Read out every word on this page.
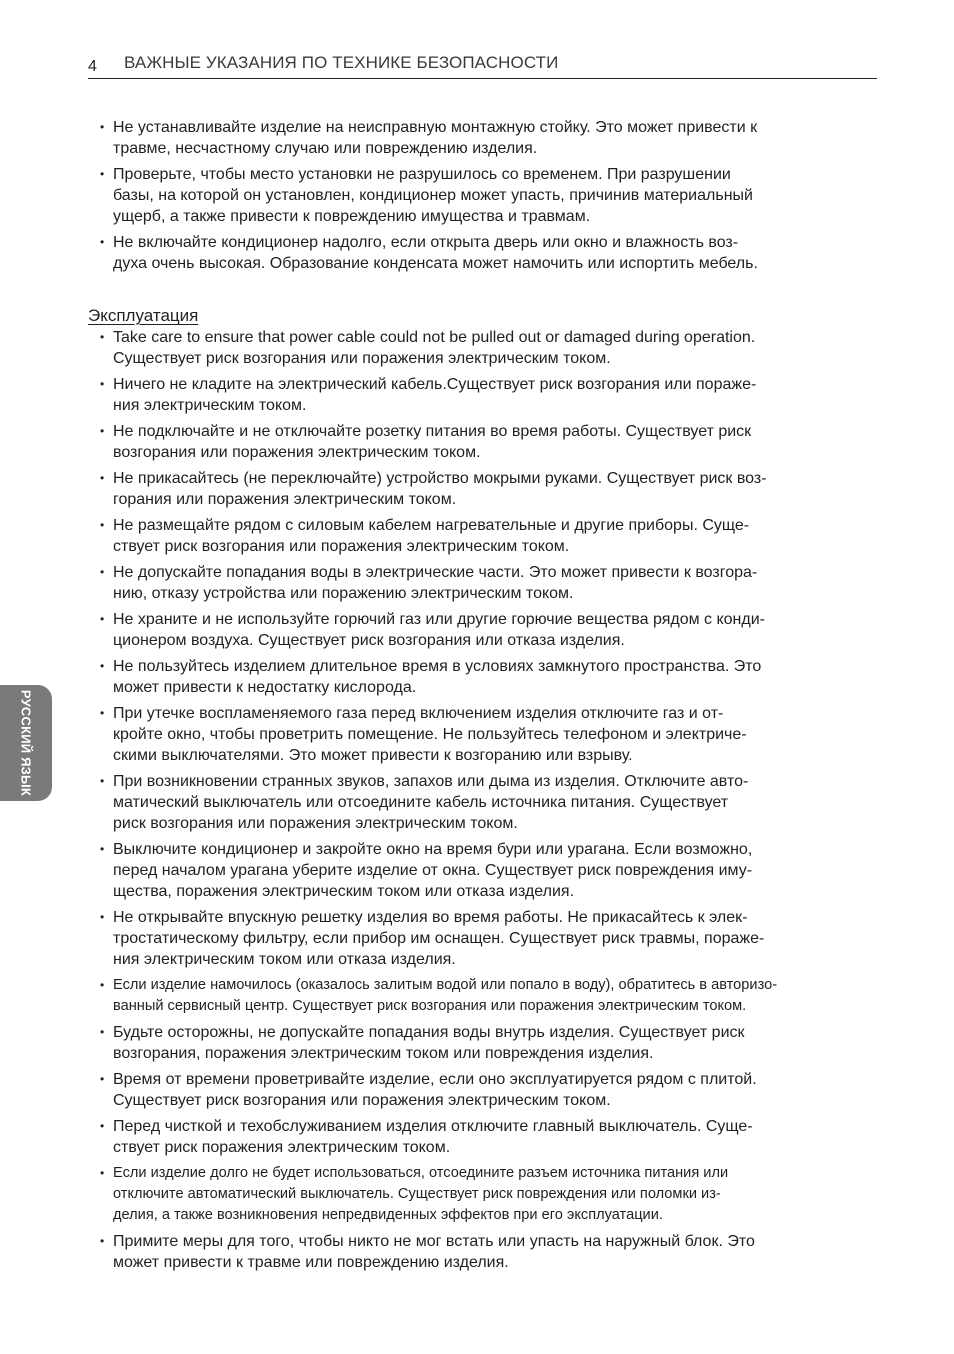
4 ВАЖНЫЕ УКАЗАНИЯ ПО ТЕХНИКЕ БЕЗОПАСНОСТИ
• Не устанавливайте изделие на неисправную монтажную стойку. Это может привести к
травме, несчастному случаю или повреждению изделия.
• Проверьте, чтобы место установки не разрушилось со временем. При разрушении
базы, на которой он установлен, кондиционер может упасть, причинив материальный
ущерб, а также привести к повреждению имущества и травмам.
• Не включайте кондиционер надолго, если открыта дверь или окно и влажность воз-
духа очень высокая. Образование конденсата может намочить или испортить мебель.
Эксплуатация
• Take care to ensure that power cable could not be pulled out or damaged during operation.
Существует риск возгорания или поражения электрическим током.
• Ничего не кладите на электрический кабель.Существует риск возгорания или пораже-
ния электрическим током.
• Не подключайте и не отключайте розетку питания во время работы. Существует риск
возгорания или поражения электрическим током.
• Не прикасайтесь (не переключайте) устройство мокрыми руками. Существует риск воз-
горания или поражения электрическим током.
• Не размещайте рядом с силовым кабелем нагревательные и другие приборы. Суще-
ствует риск возгорания или поражения электрическим током.
• Не допускайте попадания воды в электрические части. Это может привести к возгора-
нию, отказу устройства или поражению электрическим током.
• Не храните и не используйте горючий газ или другие горючие вещества рядом с конди-
ционером воздуха. Существует риск возгорания или отказа изделия.
• Не пользуйтесь изделием длительное время в условиях замкнутого пространства. Это
может привести к недостатку кислорода.
• При утечке воспламеняемого газа перед включением изделия отключите газ и от-
кройте окно, чтобы проветрить помещение. Не пользуйтесь телефоном и электриче-
скими выключателями. Это может привести к возгоранию или взрыву.
• При возникновении странных звуков, запахов или дыма из изделия. Отключите авто-
матический выключатель или отсоедините кабель источника питания. Существует
риск возгорания или поражения электрическим током.
• Выключите кондиционер и закройте окно на время бури или урагана. Если возможно,
перед началом урагана уберите изделие от окна. Существует риск повреждения иму-
щества, поражения электрическим током или отказа изделия.
• Не открывайте впускную решетку изделия во время работы. Не прикасайтесь к элек-
тростатическому фильтру, если прибор им оснащен. Существует риск травмы, пораже-
ния электрическим током или отказа изделия.
• Если изделие намочилось (оказалось залитым водой или попало в воду), обратитесь в авторизо-
ванный сервисный центр. Существует риск возгорания или поражения электрическим током.
• Будьте осторожны, не допускайте попадания воды внутрь изделия. Существует риск
возгорания, поражения электрическим током или повреждения изделия.
• Время от времени проветривайте изделие, если оно эксплуатируется рядом с плитой.
Существует риск возгорания или поражения электрическим током.
• Перед чисткой и техобслуживанием изделия отключите главный выключатель. Суще-
ствует риск поражения электрическим током.
• Если изделие долго не будет использоваться, отсоедините разъем источника питания или
отключите автоматический выключатель. Существует риск повреждения или поломки из-
делия, а также возникновения непредвиденных эффектов при его эксплуатации.
• Примите меры для того, чтобы никто не мог встать или упасть на наружный блок. Это
может привести к травме или повреждению изделия.
РУССКИЙ ЯЗЫК
